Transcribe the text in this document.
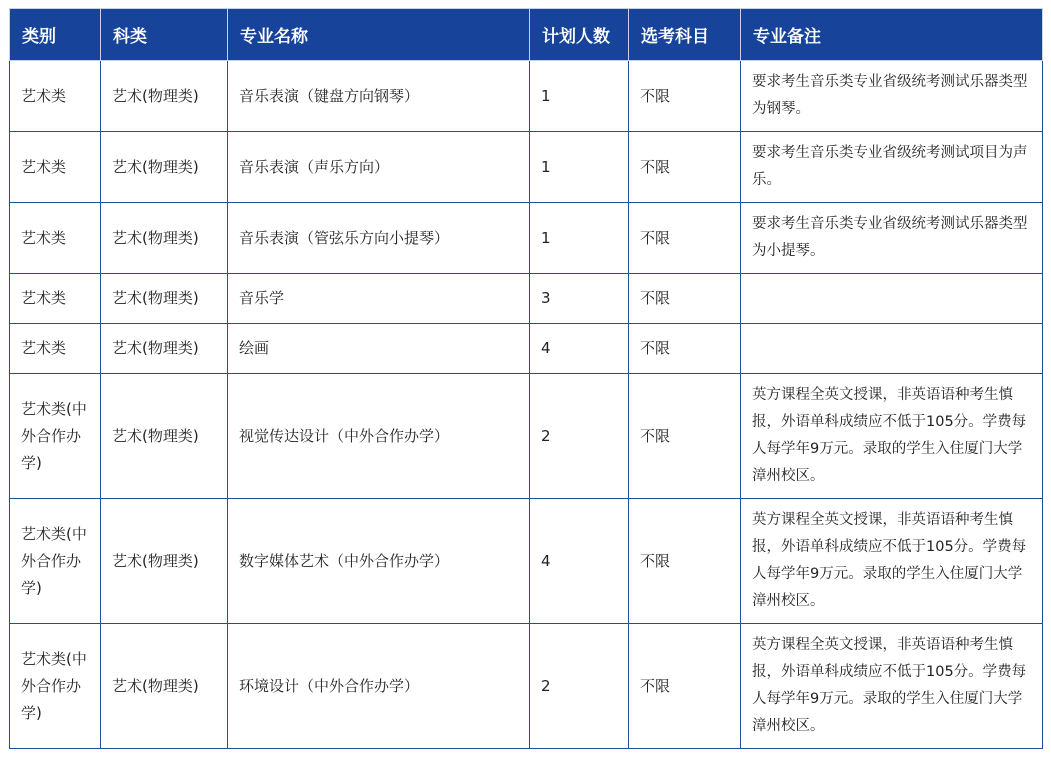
类别	科类	专业名称	计划人数	选考科目	专业备注
艺术类	艺术(物理类)	音乐表演（键盘方向钢琴）	1	不限	要求考生音乐类专业省级统考测试乐器类型为钢琴。
艺术类	艺术(物理类)	音乐表演（声乐方向）	1	不限	要求考生音乐类专业省级统考测试项目为声乐。
艺术类	艺术(物理类)	音乐表演（管弦乐方向小提琴）	1	不限	要求考生音乐类专业省级统考测试乐器类型为小提琴。
艺术类	艺术(物理类)	音乐学	3	不限	
艺术类	艺术(物理类)	绘画	4	不限	
艺术类(中外合作办学)	艺术(物理类)	视觉传达设计（中外合作办学）	2	不限	英方课程全英文授课，非英语语种考生慎报，外语单科成绩应不低于105分。学费每人每学年9万元。录取的学生入住厦门大学漳州校区。
艺术类(中外合作办学)	艺术(物理类)	数字媒体艺术（中外合作办学）	4	不限	英方课程全英文授课，非英语语种考生慎报，外语单科成绩应不低于105分。学费每人每学年9万元。录取的学生入住厦门大学漳州校区。
艺术类(中外合作办学)	艺术(物理类)	环境设计（中外合作办学）	2	不限	英方课程全英文授课，非英语语种考生慎报，外语单科成绩应不低于105分。学费每人每学年9万元。录取的学生入住厦门大学漳州校区。
